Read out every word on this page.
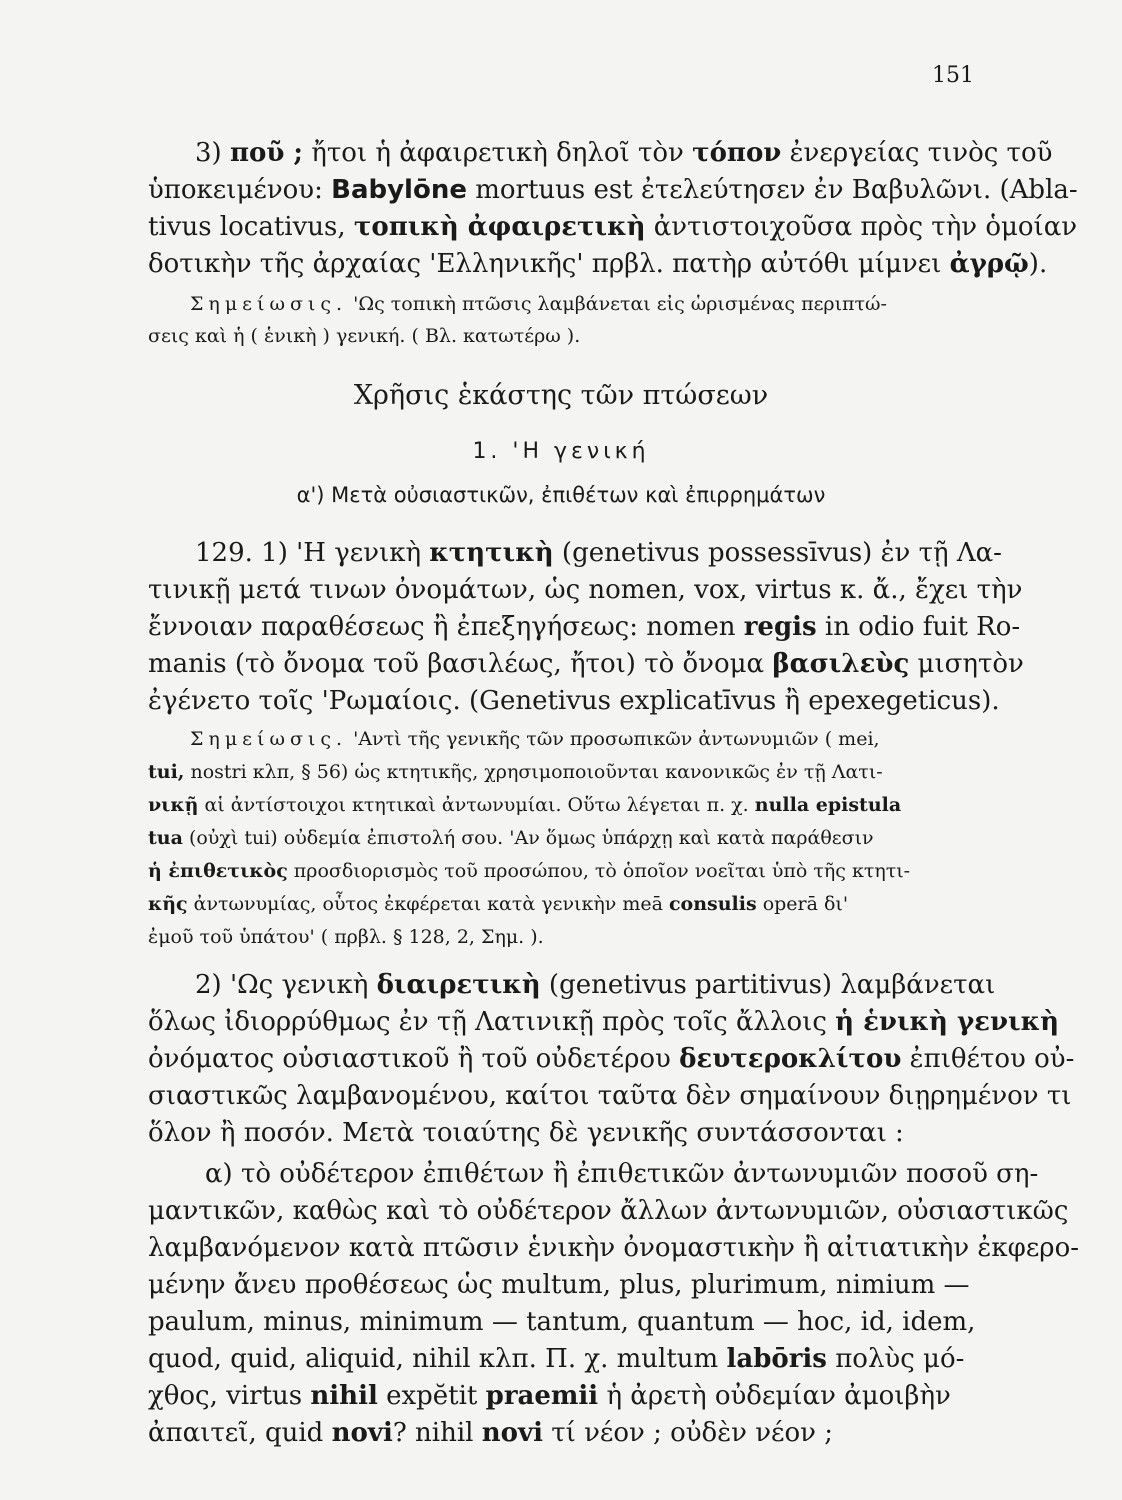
151
3) ποῦ ; ἤτοι ἡ ἀφαιρετικὴ δηλοῖ τὸν τόπον ἐνεργείας τινὸς τοῦ
ὑποκειμένου: Babylōne mortuus est ἐτελεύτησεν ἐν Βαβυλῶνι. (Abla-
tivus locativus, τοπικὴ ἀφαιρετικὴ ἀντιστοιχοῦσα πρὸς τὴν ὁμοίαν
δοτικὴν τῆς ἀρχαίας 'Ελληνικῆς' πρβλ. πατὴρ αὐτόθι μίμνει ἀγρῷ).
Σημείωσις. 'Ως τοπικὴ πτῶσις λαμβάνεται εἰς ὡρισμένας περιπτώ-
σεις καὶ ἡ ( ἑνικὴ ) γενική. ( Βλ. κατωτέρω ).
Χρῆσις ἑκάστης τῶν πτώσεων
1. 'Η γενική
α') Μετὰ οὐσιαστικῶν, ἐπιθέτων καὶ ἐπιρρημάτων
129. 1) 'Η γενικὴ κτητικὴ (genetivus possessīvus) ἐν τῇ Λα-
τινικῇ μετά τινων ὀνομάτων, ὡς nomen, vox, virtus κ. ἄ., ἔχει τὴν
ἔννοιαν παραθέσεως ἢ ἐπεξηγήσεως: nomen regis in odio fuit Ro-
manis (τὸ ὄνομα τοῦ βασιλέως, ἤτοι) τὸ ὄνομα βασιλεὺς μισητὸν
ἐγένετο τοῖς 'Ρωμαίοις. (Genetivus explicatīvus ἢ epexegeticus).
Σημείωσις. 'Αντὶ τῆς γενικῆς τῶν προσωπικῶν ἀντωνυμιῶν ( mei,
tui, nostri κλπ, § 56) ὡς κτητικῆς, χρησιμοποιοῦνται κανονικῶς ἐν τῇ Λατι-
νικῇ αἱ ἀντίστοιχοι κτητικαὶ ἀντωνυμίαι. Οὕτω λέγεται π. χ. nulla epistula
tua (οὐχὶ tui) οὐδεμία ἐπιστολή σου. 'Αν ὅμως ὑπάρχῃ καὶ κατὰ παράθεσιν
ἡ ἐπιθετικὸς προσδιορισμὸς τοῦ προσώπου, τὸ ὁποῖον νοεῖται ὑπὸ τῆς κτητι-
κῆς ἀντωνυμίας, οὗτος ἐκφέρεται κατὰ γενικὴν meā consulis operā δι'
ἐμοῦ τοῦ ὑπάτου' ( πρβλ. § 128, 2, Σημ. ).
2) 'Ως γενικὴ διαιρετικὴ (genetivus partitivus) λαμβάνεται
ὅλως ἰδιορρύθμως ἐν τῇ Λατινικῇ πρὸς τοῖς ἄλλοις ἡ ἑνικὴ γενικὴ
ὀνόματος οὐσιαστικοῦ ἢ τοῦ οὐδετέρου δευτεροκλίτου ἐπιθέτου οὐ-
σιαστικῶς λαμβανομένου, καίτοι ταῦτα δὲν σημαίνουν διῃρημένον τι
ὅλον ἢ ποσόν. Μετὰ τοιαύτης δὲ γενικῆς συντάσσονται :
α) τὸ οὐδέτερον ἐπιθέτων ἢ ἐπιθετικῶν ἀντωνυμιῶν ποσοῦ ση-
μαντικῶν, καθὼς καὶ τὸ οὐδέτερον ἄλλων ἀντωνυμιῶν, οὐσιαστικῶς
λαμβανόμενον κατὰ πτῶσιν ἑνικὴν ὀνομαστικὴν ἢ αἰτιατικὴν ἐκφερο-
μένην ἄνευ προθέσεως ὡς multum, plus, plurimum, nimium —
paulum, minus, minimum — tantum, quantum — hoc, id, idem,
quod, quid, aliquid, nihil κλπ. Π. χ. multum labōris πολὺς μό-
χθος, virtus nihil expĕtit praemii ἡ ἀρετὴ οὐδεμίαν ἀμοιβὴν
ἀπαιτεῖ, quid novi? nihil novi τί νέον ; οὐδὲν νέον ;
